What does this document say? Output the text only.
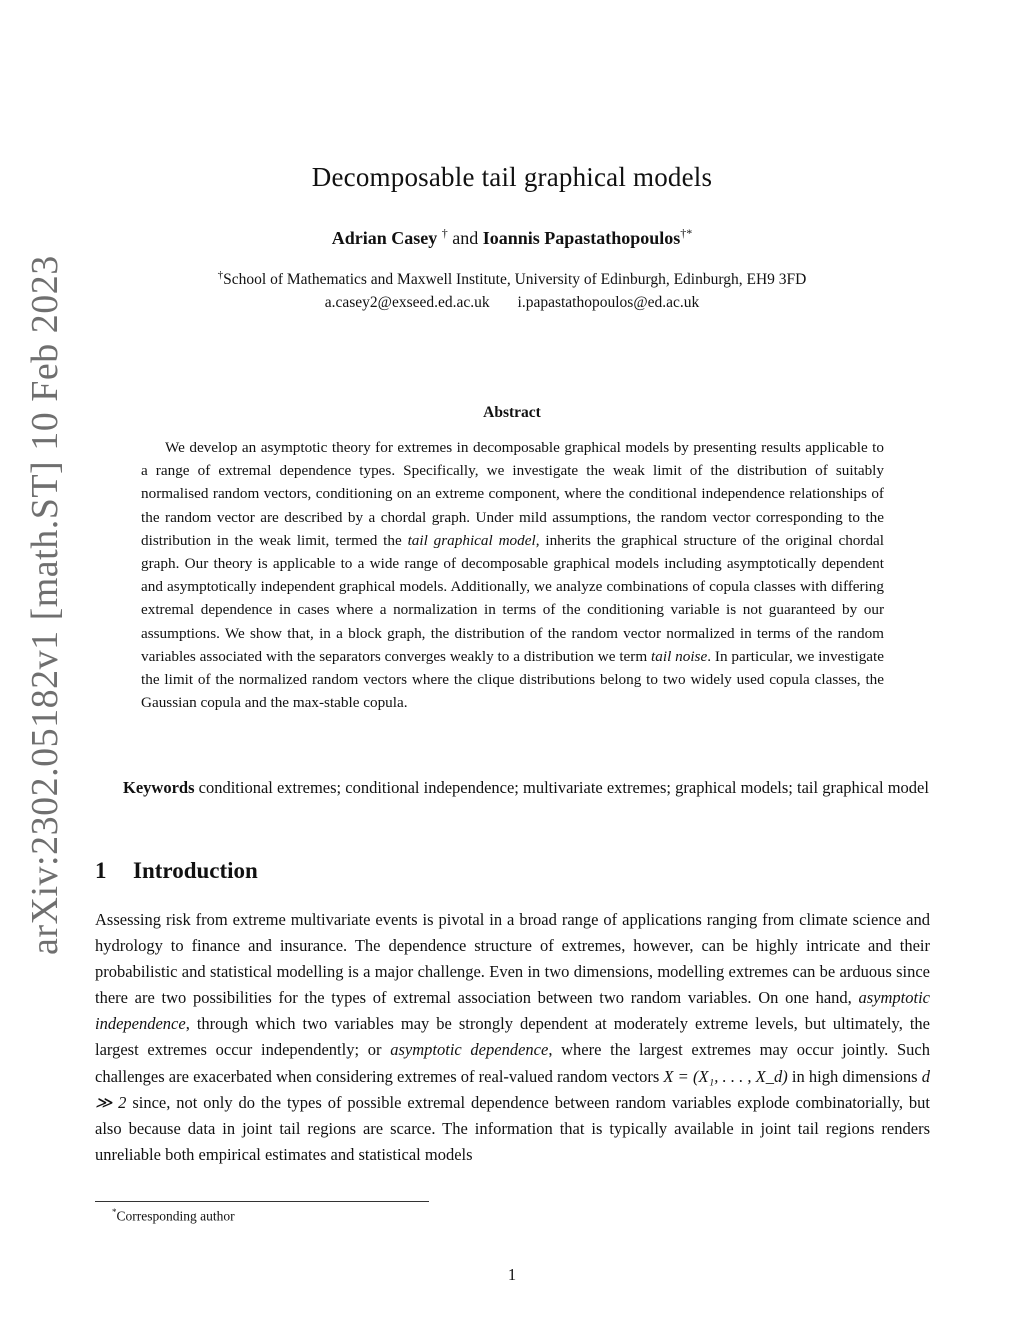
arXiv:2302.05182v1 [math.ST] 10 Feb 2023
Decomposable tail graphical models
Adrian Casey † and Ioannis Papastathopoulos†*
†School of Mathematics and Maxwell Institute, University of Edinburgh, Edinburgh, EH9 3FD
a.casey2@exseed.ed.ac.uk i.papastathopoulos@ed.ac.uk
Abstract
We develop an asymptotic theory for extremes in decomposable graphical models by presenting results applicable to a range of extremal dependence types. Specifically, we investigate the weak limit of the distribution of suitably normalised random vectors, conditioning on an extreme component, where the conditional independence relationships of the random vector are described by a chordal graph. Under mild assumptions, the random vector corresponding to the distribution in the weak limit, termed the tail graphical model, inherits the graphical structure of the original chordal graph. Our theory is applicable to a wide range of decomposable graphical models including asymptotically dependent and asymptotically independent graphical models. Additionally, we analyze combinations of copula classes with differing extremal dependence in cases where a normalization in terms of the conditioning variable is not guaranteed by our assumptions. We show that, in a block graph, the distribution of the random vector normalized in terms of the random variables associated with the separators converges weakly to a distribution we term tail noise. In particular, we investigate the limit of the normalized random vectors where the clique distributions belong to two widely used copula classes, the Gaussian copula and the max-stable copula.
Keywords conditional extremes; conditional independence; multivariate extremes; graphical models; tail graphical model
1 Introduction
Assessing risk from extreme multivariate events is pivotal in a broad range of applications ranging from climate science and hydrology to finance and insurance. The dependence structure of extremes, however, can be highly intricate and their probabilistic and statistical modelling is a major challenge. Even in two dimensions, modelling extremes can be arduous since there are two possibilities for the types of extremal association between two random variables. On one hand, asymptotic independence, through which two variables may be strongly dependent at moderately extreme levels, but ultimately, the largest extremes occur independently; or asymptotic dependence, where the largest extremes may occur jointly. Such challenges are exacerbated when considering extremes of real-valued random vectors X = (X₁, . . . , X_d) in high dimensions d ≫ 2 since, not only do the types of possible extremal dependence between random variables explode combinatorially, but also because data in joint tail regions are scarce. The information that is typically available in joint tail regions renders unreliable both empirical estimates and statistical models
*Corresponding author
1
